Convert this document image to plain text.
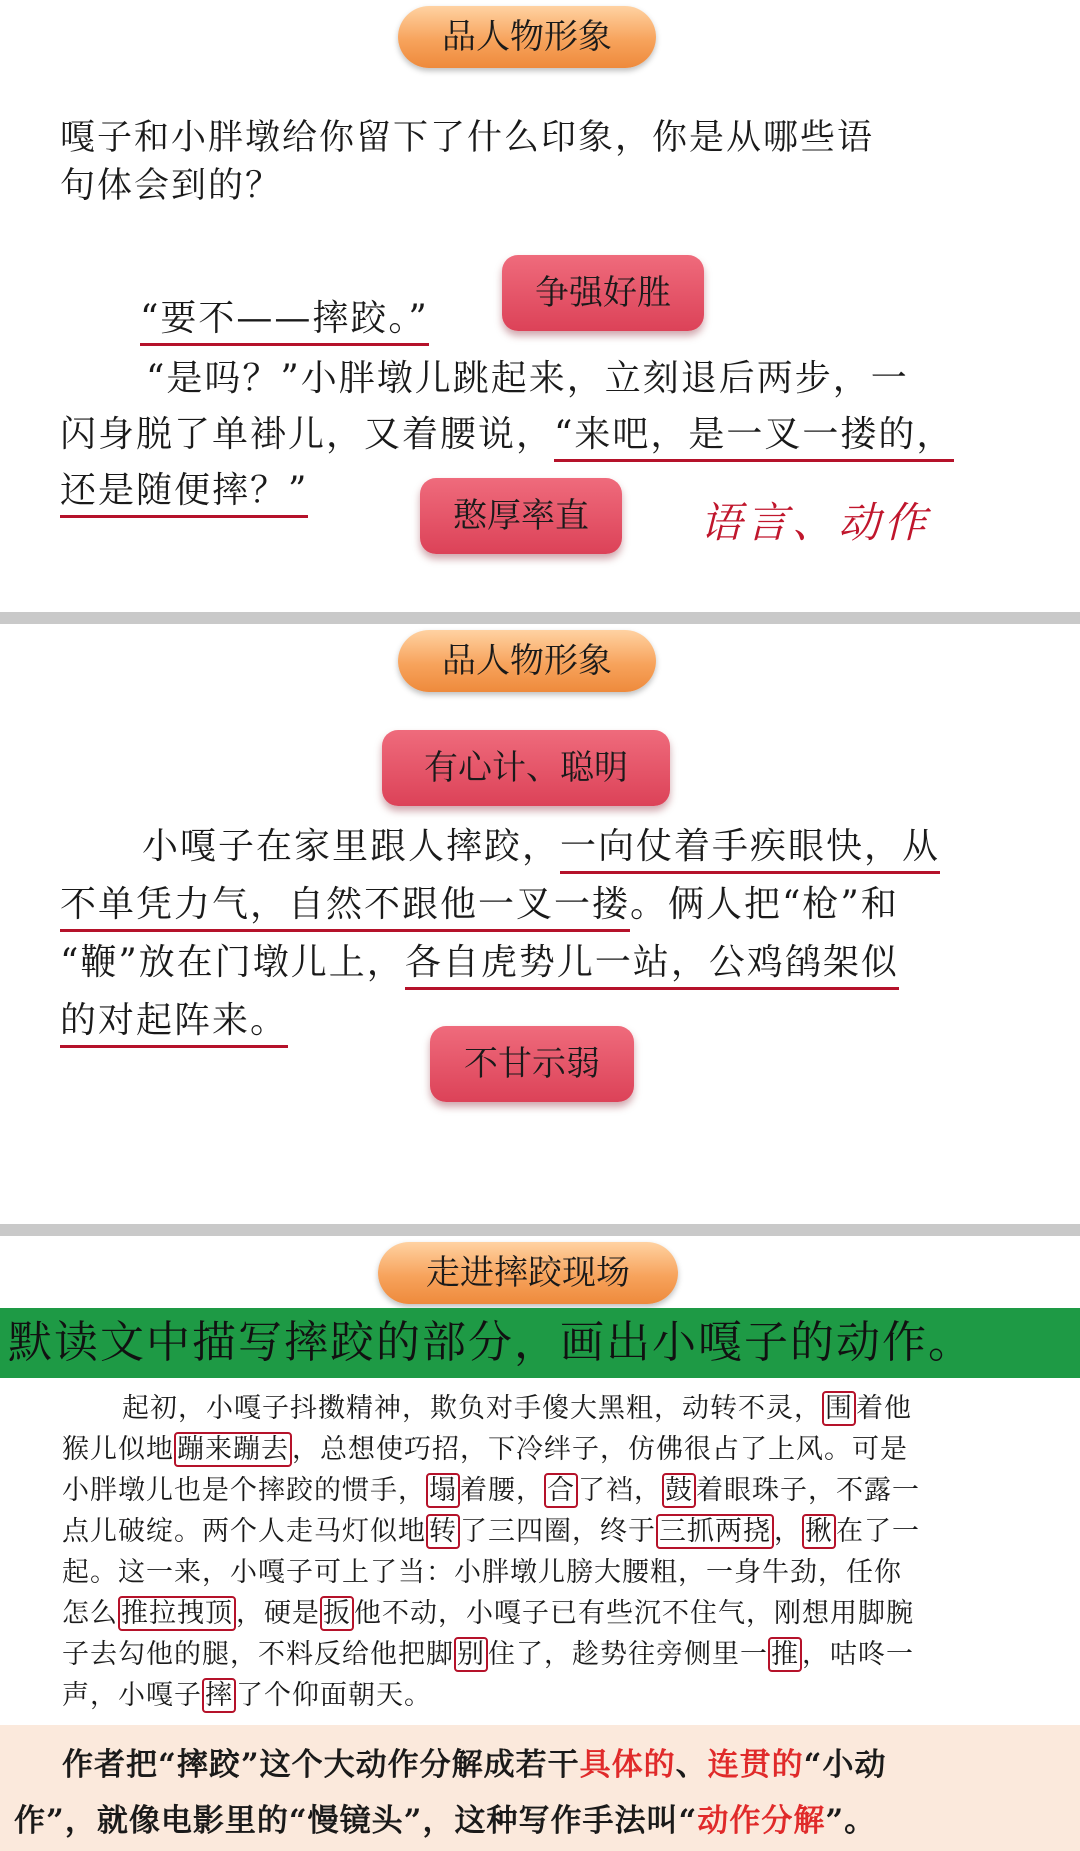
品人物形象
嘎子和小胖墩给你留下了什么印象，你是从哪些语
句体会到的？
“要不——摔跤。”
争强好胜
“是吗？”小胖墩儿跳起来，立刻退后两步，一
闪身脱了单褂儿，又着腰说，“来吧，是一叉一搂的，
还是随便摔？”
憨厚率直	语言、动作
品人物形象
有心计、聪明
小嘎子在家里跟人摔跤，一向仗着手疾眼快，从
不单凭力气，自然不跟他一叉一搂。俩人把“枪”和
“鞭”放在门墩儿上，各自虎势儿一站，公鸡鹐架似
的对起阵来。
不甘示弱
走进摔跤现场
默读文中描写摔跤的部分，画出小嘎子的动作。
起初，小嘎子抖擞精神，欺负对手傻大黑粗，动转不灵， 围 着他
猴儿似地 蹦来蹦去 ，总想使巧招，下冷绊子，仿佛很占了上风。可是
小胖墩儿也是个摔跤的惯手， 塌 着腰， 合 了裆， 鼓 着眼珠子，不露一
点儿破绽。两个人走马灯似地 转 了三四圈，终于 三抓两挠 ， 揪 在了一
起。这一来，小嘎子可上了当：小胖墩儿膀大腰粗，一身牛劲，任你
怎么 推拉拽顶 ，硬是 扳 他不动，小嘎子已有些沉不住气，刚想用脚腕
子去勾他的腿，不料反给他把脚 别 住了，趁势往旁侧里一 推 ，咕咚一
声，小嘎子 摔 了个仰面朝天。
作者把“摔跤”这个大动作分解成若干具体的、连贯的“小动
作”，就像电影里的“慢镜头”，这种写作手法叫“动作分解”。
